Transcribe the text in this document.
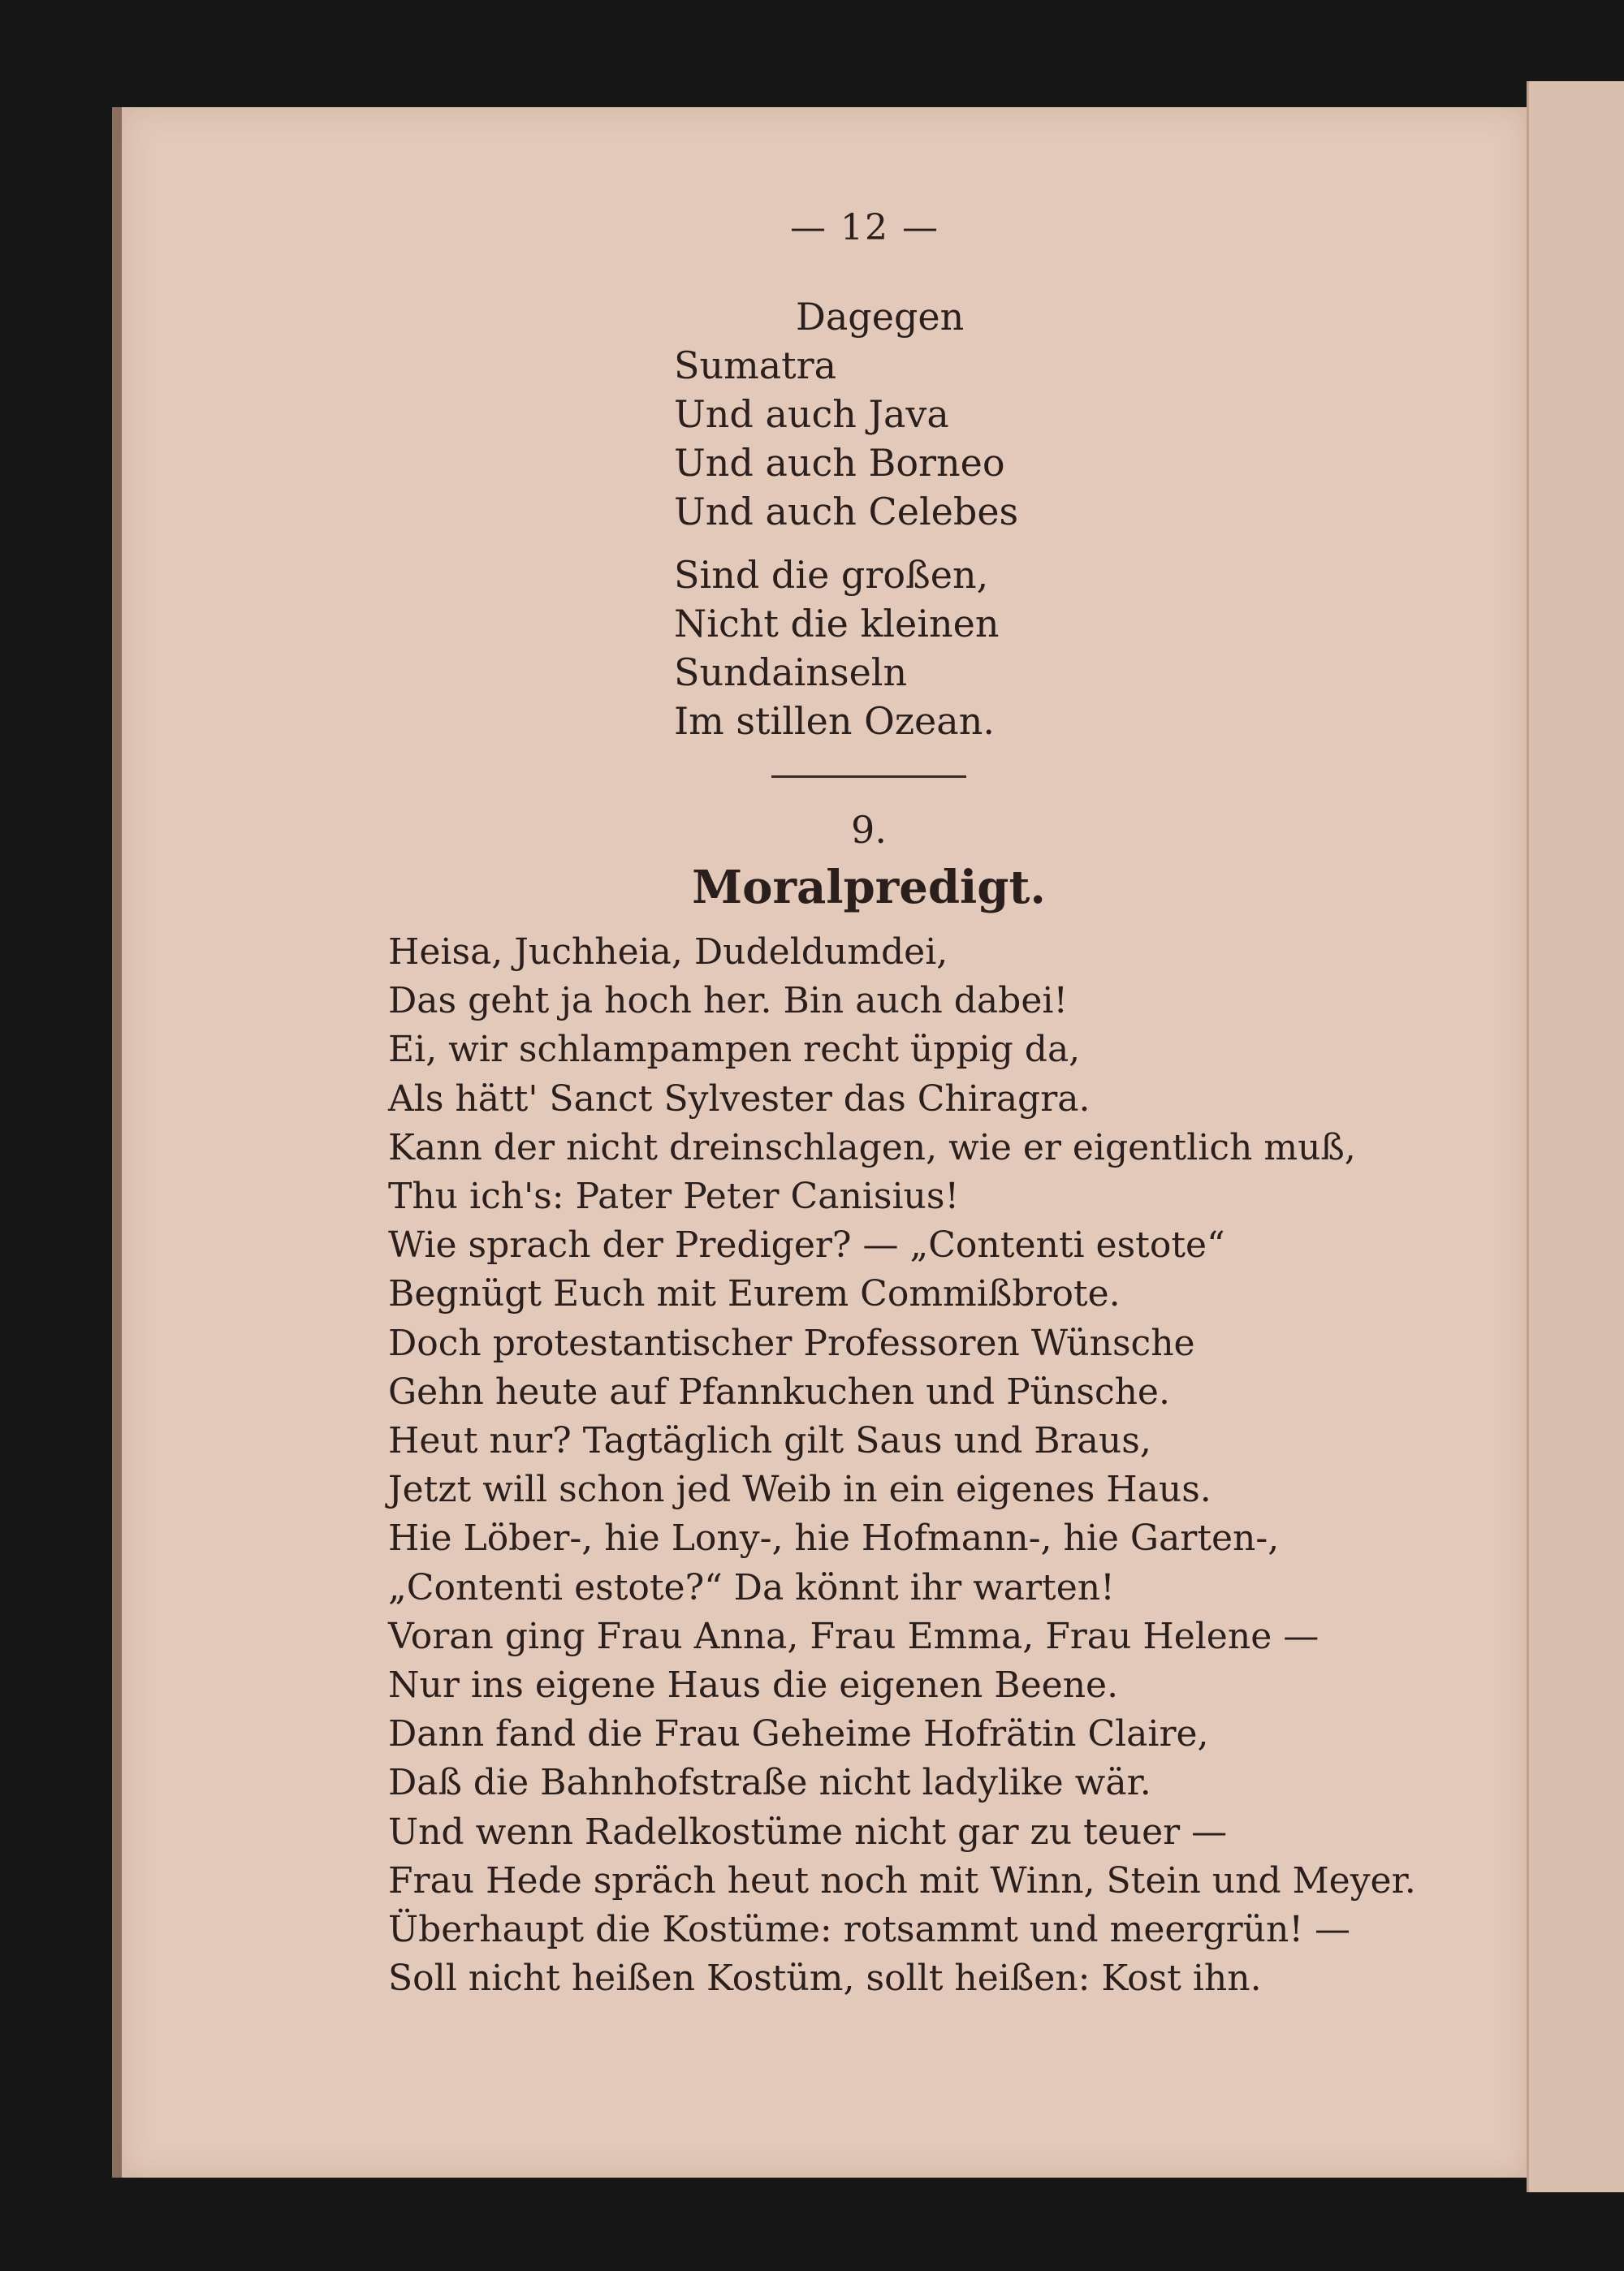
— 12 —
Dagegen
Sumatra
Und auch Java
Und auch Borneo
Und auch Celebes
Sind die großen,
Nicht die kleinen
Sundainseln
Im stillen Ozean.
9.
Moralpredigt.
Heisa, Juchheia, Dudeldumdei,
Das geht ja hoch her. Bin auch dabei!
Ei, wir schlampampen recht üppig da,
Als hätt' Sanct Sylvester das Chiragra.
Kann der nicht dreinschlagen, wie er eigentlich muß,
Thu ich's: Pater Peter Canisius!
Wie sprach der Prediger? — „Contenti estote“
Begnügt Euch mit Eurem Commißbrote.
Doch protestantischer Professoren Wünsche
Gehn heute auf Pfannkuchen und Pünsche.
Heut nur? Tagtäglich gilt Saus und Braus,
Jetzt will schon jed Weib in ein eigenes Haus.
Hie Löber-, hie Lony-, hie Hofmann-, hie Garten-,
„Contenti estote?“ Da könnt ihr warten!
Voran ging Frau Anna, Frau Emma, Frau Helene —
Nur ins eigene Haus die eigenen Beene.
Dann fand die Frau Geheime Hofrätin Claire,
Daß die Bahnhofstraße nicht ladylike wär.
Und wenn Radelkostüme nicht gar zu teuer —
Frau Hede spräch heut noch mit Winn, Stein und Meyer.
Überhaupt die Kostüme: rotsammt und meergrün! —
Soll nicht heißen Kostüm, sollt heißen: Kost ihn.
